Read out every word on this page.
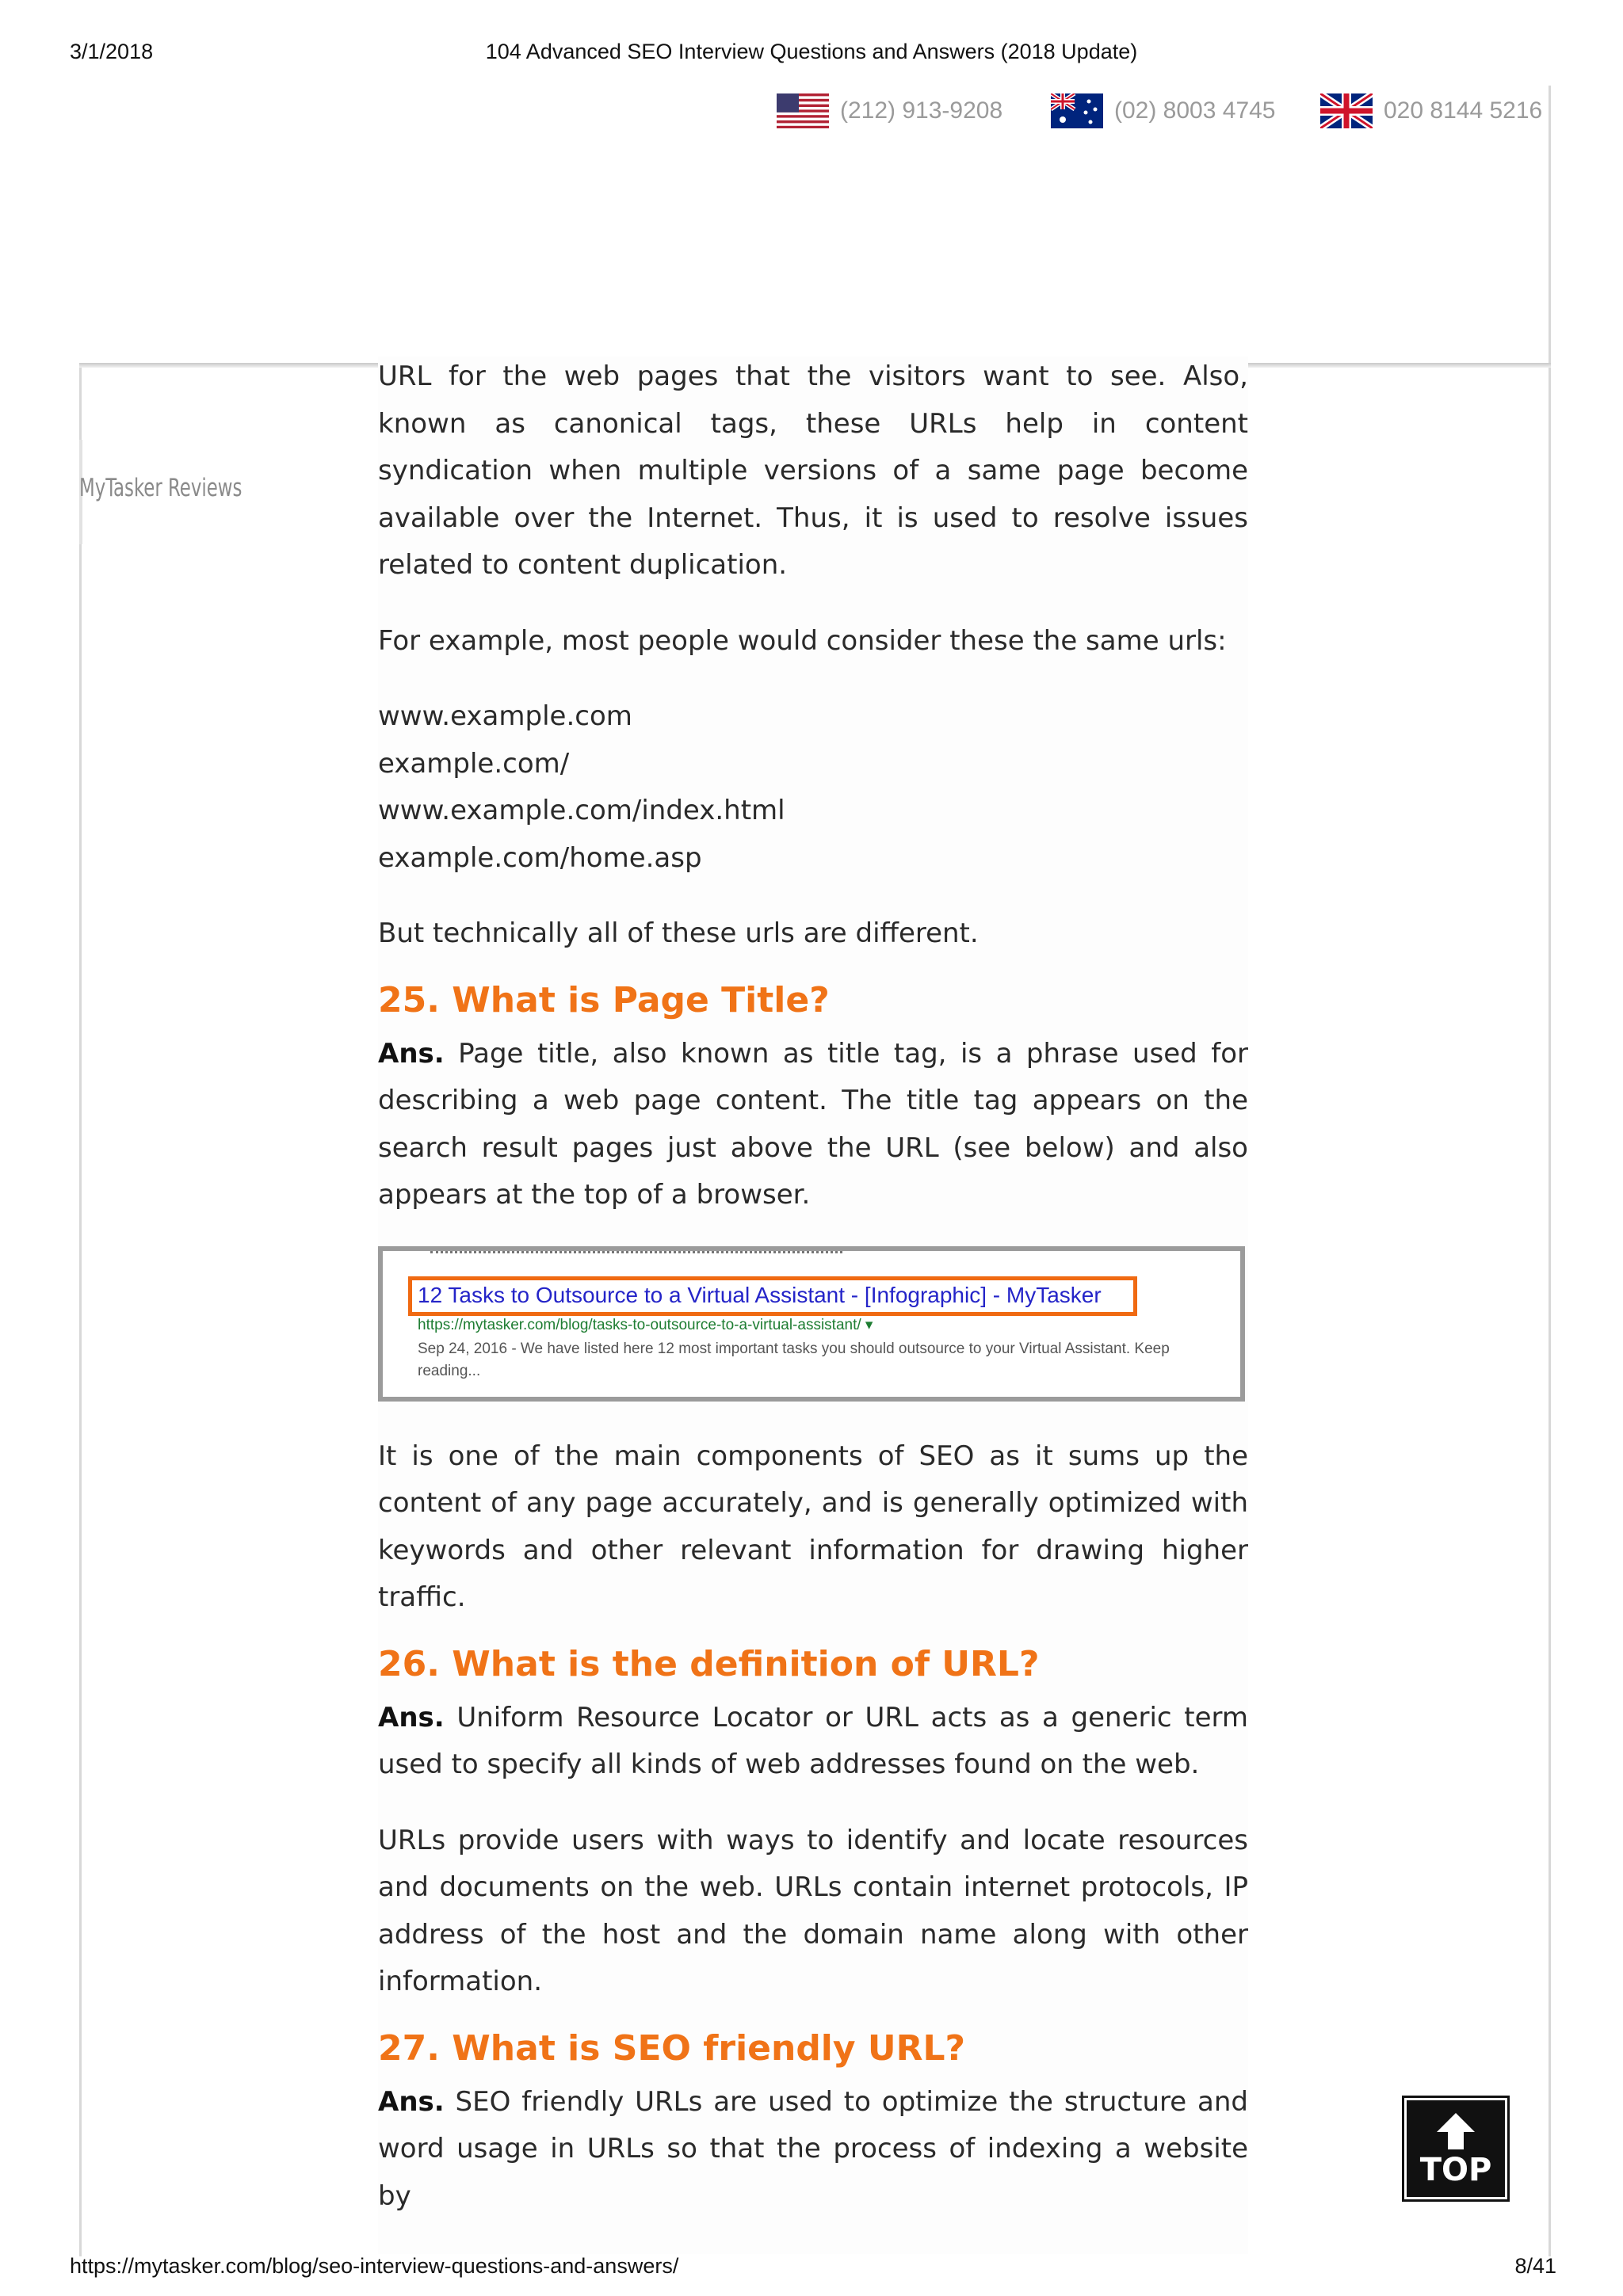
3/1/2018	104 Advanced SEO Interview Questions and Answers (2018 Update)
(212) 913-9208	(02) 8003 4745	020 8144 5216
MyTasker Reviews

URL for the web pages that the visitors want to see. Also, known as canonical tags, these URLs help in content syndication when multiple versions of a same page become available over the Internet. Thus, it is used to resolve issues related to content duplication.

For example, most people would consider these the same urls:

www.example.com

example.com/

www.example.com/index.html

example.com/home.asp

But technically all of these urls are different.

25. What is Page Title?

Ans. Page title, also known as title tag, is a phrase used for describing a web page content. The title tag appears on the search result pages just above the URL (see below) and also appears at the top of a browser.

12 Tasks to Outsource to a Virtual Assistant - [Infographic] - MyTasker
https://mytasker.com/blog/tasks-to-outsource-to-a-virtual-assistant/ ▾
Sep 24, 2016 - We have listed here 12 most important tasks you should outsource to your Virtual Assistant. Keep reading...

It is one of the main components of SEO as it sums up the content of any page accurately, and is generally optimized with keywords and other relevant information for drawing higher traffic.

26. What is the definition of URL?

Ans. Uniform Resource Locator or URL acts as a generic term used to specify all kinds of web addresses found on the web.

URLs provide users with ways to identify and locate resources and documents on the web. URLs contain internet protocols, IP address of the host and the domain name along with other information.

27. What is SEO friendly URL?

Ans. SEO friendly URLs are used to optimize the structure and word usage in URLs so that the process of indexing a website by

TOP
https://mytasker.com/blog/seo-interview-questions-and-answers/	8/41
